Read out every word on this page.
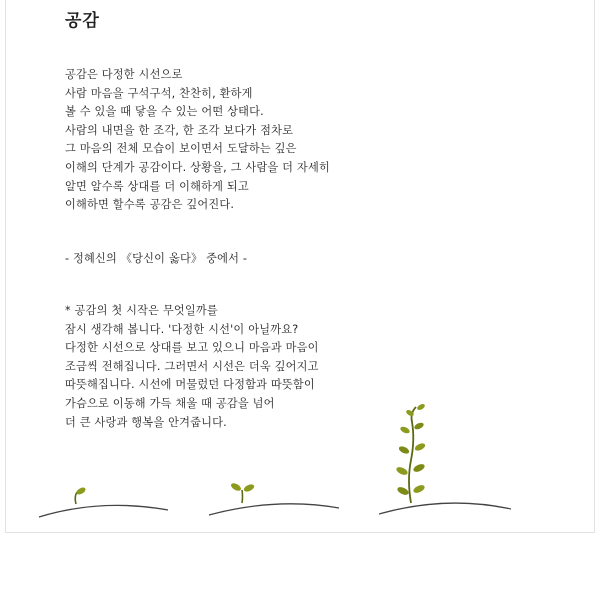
공감
공감은 다정한 시선으로
사람 마음을 구석구석, 찬찬히, 환하게
볼 수 있을 때 닿을 수 있는 어떤 상태다.
사람의 내면을 한 조각, 한 조각 보다가 점차로
그 마음의 전체 모습이 보이면서 도달하는 깊은
이해의 단계가 공감이다. 상황을, 그 사람을 더 자세히
알면 알수록 상대를 더 이해하게 되고
이해하면 할수록 공감은 깊어진다.
- 정혜신의 《당신이 옳다》 중에서 -
* 공감의 첫 시작은 무엇일까를
잠시 생각해 봅니다. '다정한 시선'이 아닐까요?
다정한 시선으로 상대를 보고 있으니 마음과 마음이
조금씩 전해집니다. 그러면서 시선은 더욱 깊어지고
따뜻해집니다. 시선에 머물렀던 다정함과 따뜻함이
가슴으로 이동해 가득 채울 때 공감을 넘어
더 큰 사랑과 행복을 안겨줍니다.
